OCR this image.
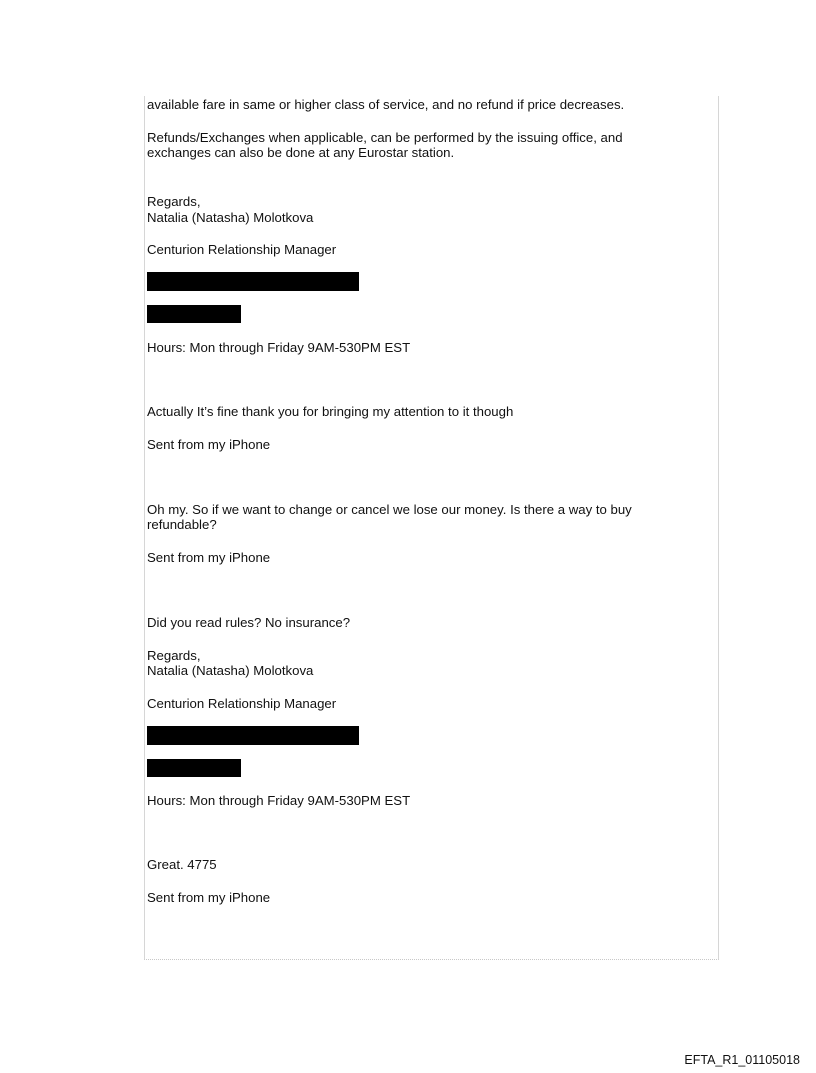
available fare in same or higher class of service, and no refund if price decreases.
Refunds/Exchanges when applicable, can be performed by the issuing office, and
exchanges can also be done at any Eurostar station.
Regards,
Natalia (Natasha) Molotkova
Centurion Relationship Manager
Hours: Mon through Friday 9AM-530PM EST
Actually It’s fine thank you for bringing my attention to it though
Sent from my iPhone
Oh my. So if we want to change or cancel we lose our money. Is there a way to buy
refundable?
Sent from my iPhone
Did you read rules? No insurance?
Regards,
Natalia (Natasha) Molotkova
Centurion Relationship Manager
Hours: Mon through Friday 9AM-530PM EST
Great. 4775
Sent from my iPhone
EFTA_R1_01105018
